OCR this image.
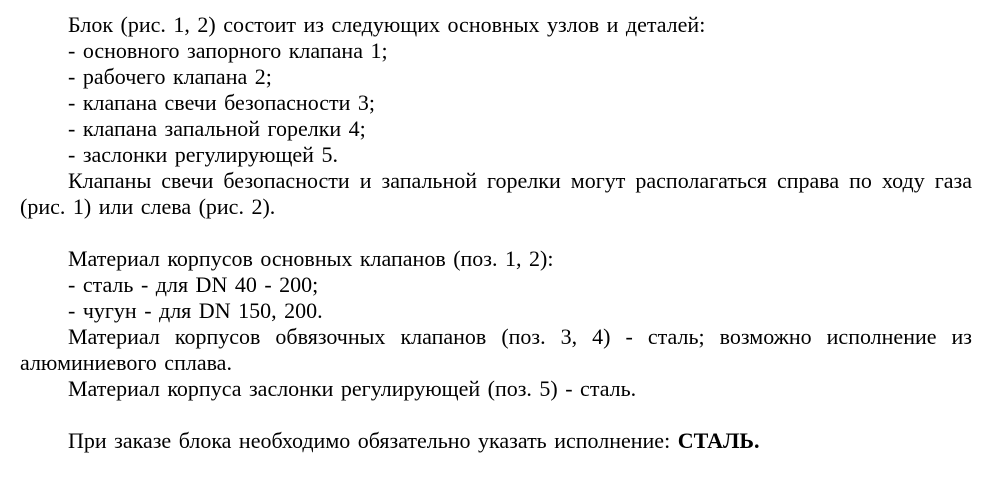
Блок (рис. 1, 2) состоит из следующих основных узлов и деталей:
- основного запорного клапана 1;
- рабочего клапана 2;
- клапана свечи безопасности 3;
- клапана запальной горелки 4;
- заслонки регулирующей 5.
Клапаны свечи безопасности и запальной горелки могут располагаться справа по ходу газа (рис. 1) или слева (рис. 2).
Материал корпусов основных клапанов (поз. 1, 2):
- сталь - для DN 40 - 200;
- чугун - для DN 150, 200.
Материал корпусов обвязочных клапанов (поз. 3, 4) - сталь; возможно исполнение из алюминиевого сплава.
Материал корпуса заслонки регулирующей (поз. 5) - сталь.
При заказе блока необходимо обязательно указать исполнение: СТАЛЬ.
